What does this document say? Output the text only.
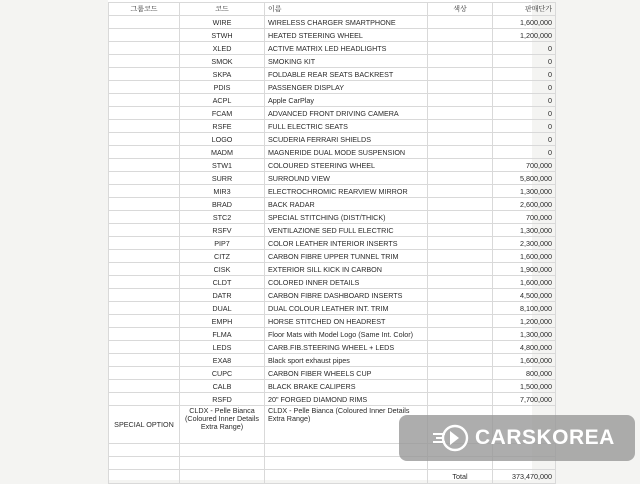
그룹코드	코드	이름	색상	판매단가
	WIRE	WIRELESS CHARGER SMARTPHONE		1,600,000
	STWH	HEATED STEERING WHEEL		1,200,000
	XLED	ACTIVE MATRIX LED HEADLIGHTS		0
	SMOK	SMOKING KIT		0
	SKPA	FOLDABLE REAR SEATS BACKREST		0
	PDIS	PASSENGER DISPLAY		0
	ACPL	Apple CarPlay		0
	FCAM	ADVANCED FRONT DRIVING CAMERA		0
	RSFE	FULL ELECTRIC SEATS		0
	LOGO	SCUDERIA FERRARI SHIELDS		0
	MADM	MAGNERIDE DUAL MODE SUSPENSION		0
	STW1	COLOURED STEERING WHEEL		700,000
	SURR	SURROUND VIEW		5,800,000
	MIR3	ELECTROCHROMIC REARVIEW MIRROR		1,300,000
	BRAD	BACK RADAR		2,600,000
	STC2	SPECIAL STITCHING (DIST/THICK)		700,000
	RSFV	VENTILAZIONE SED FULL ELECTRIC		1,300,000
	PIP7	COLOR LEATHER INTERIOR INSERTS		2,300,000
	CITZ	CARBON FIBRE UPPER TUNNEL TRIM		1,600,000
	CISK	EXTERIOR SILL KICK IN CARBON		1,900,000
	CLDT	COLORED INNER DETAILS		1,600,000
	DATR	CARBON FIBRE DASHBOARD INSERTS		4,500,000
	DUAL	DUAL COLOUR LEATHER INT. TRIM		8,100,000
	EMPH	HORSE STITCHED ON HEADREST		1,200,000
	FLMA	Floor Mats with Model Logo (Same Int. Color)		1,300,000
	LEDS	CARB.FIB.STEERING WHEEL + LEDS		4,800,000
	EXA8	Black sport exhaust pipes		1,600,000
	CUPC	CARBON FIBER WHEELS CUP		800,000
	CALB	BLACK BRAKE CALIPERS		1,500,000
	RSFD	20" FORGED DIAMOND RIMS		7,700,000
SPECIAL OPTION	CLDX - Pelle Bianca (Coloured Inner Details Extra Range)	CLDX - Pelle Bianca (Coloured Inner Details Extra Range)		

			Total	373,470,000
CARSKOREA
